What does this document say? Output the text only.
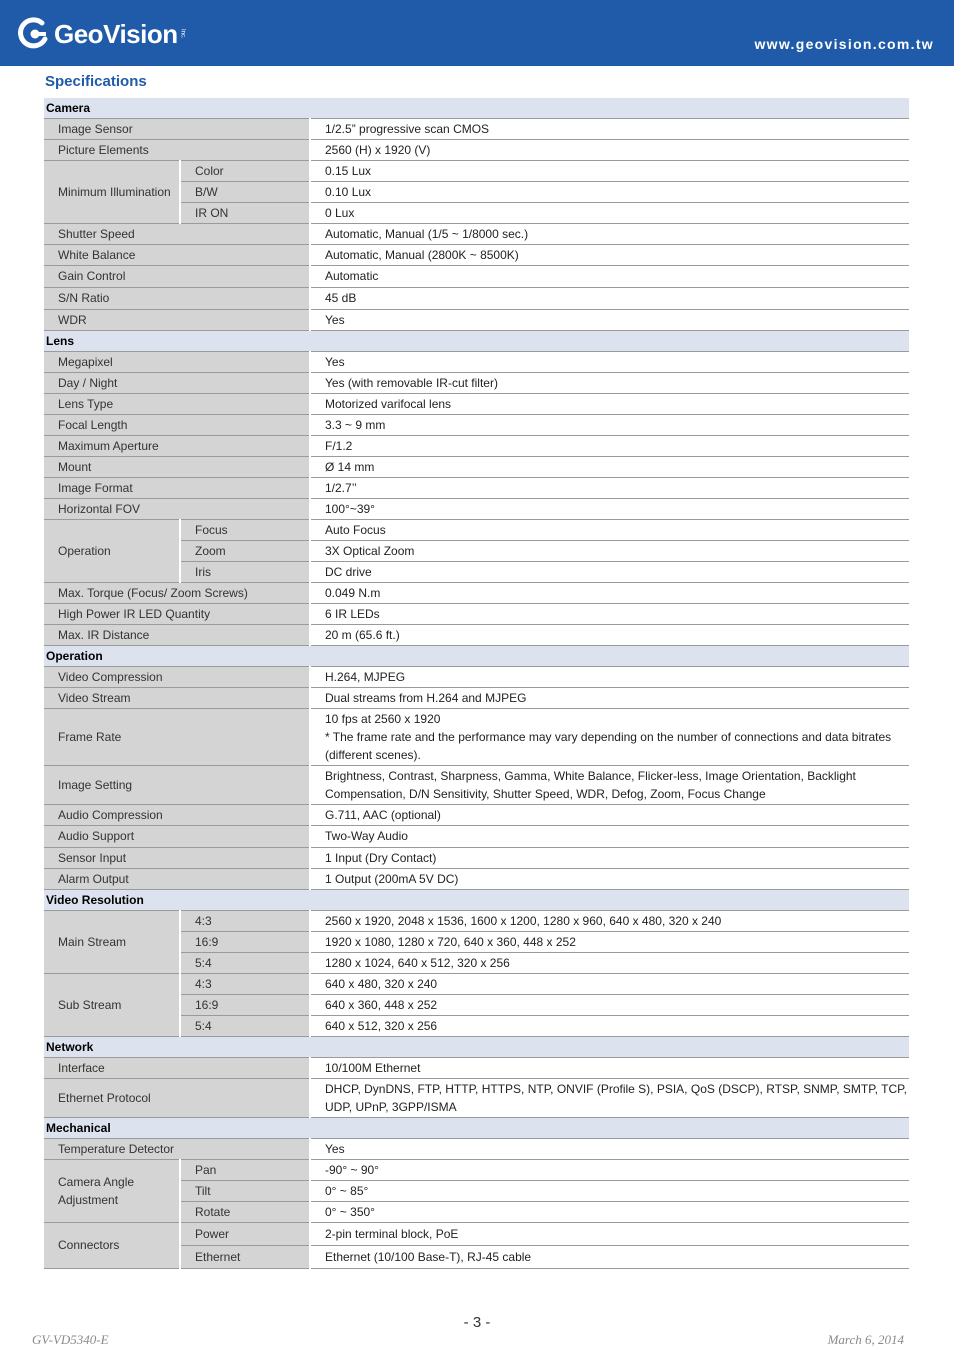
GeoVision Inc.
www.geovision.com.tw
Specifications
Camera		
Image Sensor		1/2.5” progressive scan CMOS
Picture Elements		2560 (H) x 1920 (V)
Minimum Illumination	Color	0.15 Lux
	B/W	0.10 Lux
	IR ON	0 Lux
Shutter Speed		Automatic, Manual (1/5 ~ 1/8000 sec.)
White Balance		Automatic, Manual (2800K ~ 8500K)
Gain Control		Automatic
S/N Ratio		45 dB
WDR		Yes
Lens		
Megapixel		Yes
Day / Night		Yes (with removable IR-cut filter)
Lens Type		Motorized varifocal lens
Focal Length		3.3 ~ 9 mm
Maximum Aperture		F/1.2
Mount		Ø 14 mm
Image Format		1/2.7’’
Horizontal FOV		100°~39°
Operation	Focus	Auto Focus
	Zoom	3X Optical Zoom
	Iris	DC drive
Max. Torque (Focus/ Zoom Screws)		0.049 N.m
High Power IR LED Quantity		6 IR LEDs
Max. IR Distance		20 m (65.6 ft.)
Operation		
Video Compression		H.264, MJPEG
Video Stream		Dual streams from H.264 and MJPEG
Frame Rate		10 fps at 2560 x 1920
* The frame rate and the performance may vary depending on the number of connections and data bitrates (different scenes).
Image Setting		Brightness, Contrast, Sharpness, Gamma, White Balance, Flicker-less, Image Orientation, Backlight Compensation, D/N Sensitivity, Shutter Speed, WDR, Defog, Zoom, Focus Change
Audio Compression		G.711, AAC (optional)
Audio Support		Two-Way Audio
Sensor Input		1 Input (Dry Contact)
Alarm Output		1 Output (200mA 5V DC)
Video Resolution		
Main Stream	4:3	2560 x 1920, 2048 x 1536, 1600 x 1200, 1280 x 960, 640 x 480, 320 x 240
	16:9	1920 x 1080, 1280 x 720, 640 x 360, 448 x 252
	5:4	1280 x 1024, 640 x 512, 320 x 256
Sub Stream	4:3	640 x 480, 320 x 240
	16:9	640 x 360, 448 x 252
	5:4	640 x 512, 320 x 256
Network		
Interface		10/100M Ethernet
Ethernet Protocol		DHCP, DynDNS, FTP, HTTP, HTTPS, NTP, ONVIF (Profile S), PSIA, QoS (DSCP), RTSP, SNMP, SMTP, TCP, UDP, UPnP, 3GPP/ISMA
Mechanical		
Temperature Detector		Yes
Camera Angle Adjustment	Pan	-90° ~ 90°
	Tilt	0° ~ 85°
	Rotate	0° ~ 350°
Connectors	Power	2-pin terminal block, PoE
	Ethernet	Ethernet (10/100 Base-T), RJ-45 cable
- 3 -
GV-VD5340-E	March 6, 2014
